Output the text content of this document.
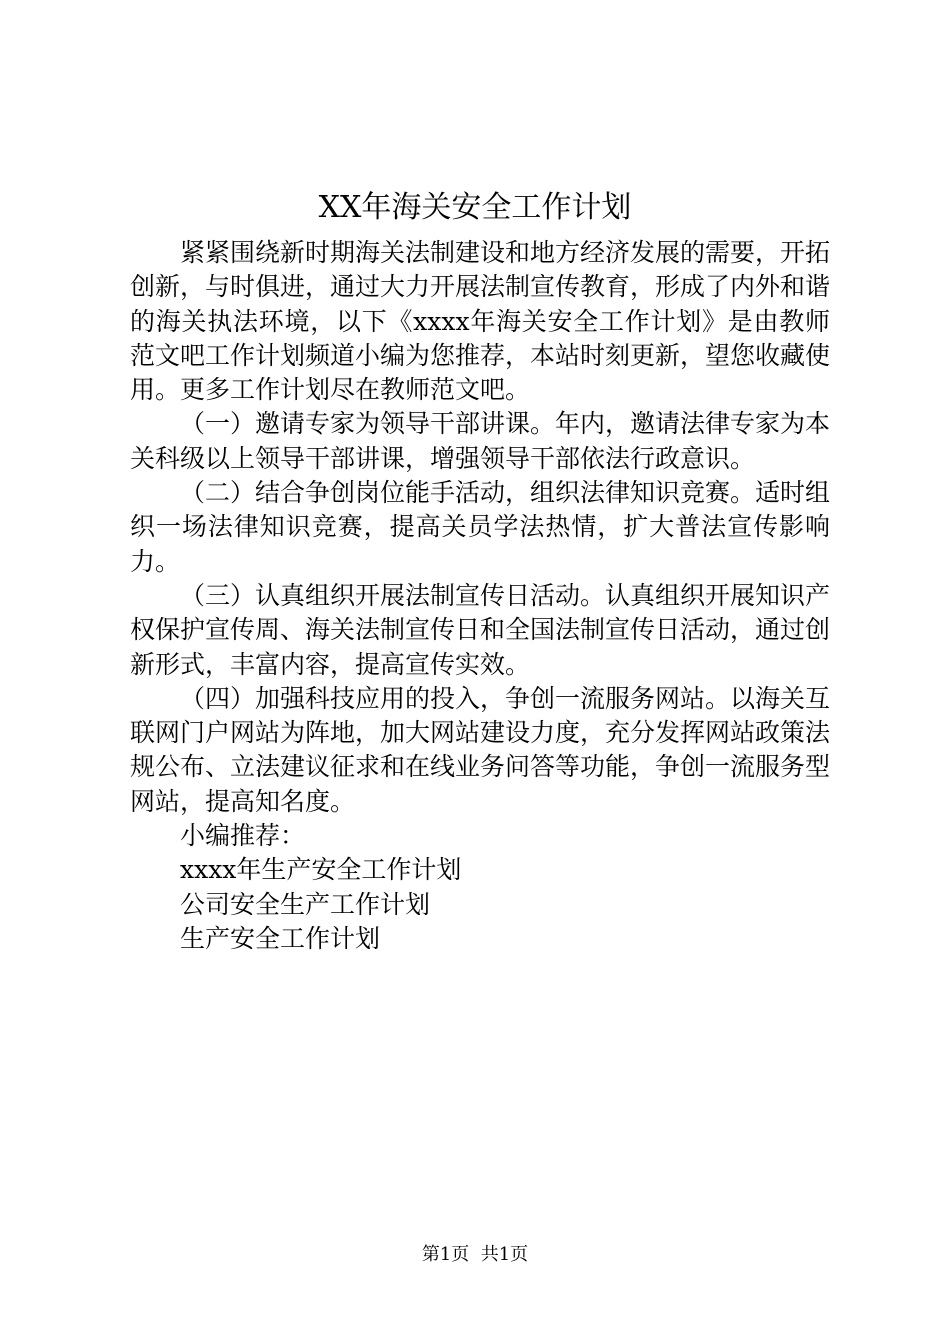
XX年海关安全工作计划

紧紧围绕新时期海关法制建设和地方经济发展的需要，开拓创新，与时俱进，通过大力开展法制宣传教育，形成了内外和谐的海关执法环境，以下《xxxx年海关安全工作计划》是由教师范文吧工作计划频道小编为您推荐，本站时刻更新，望您收藏使用。更多工作计划尽在教师范文吧。

（一）邀请专家为领导干部讲课。年内，邀请法律专家为本关科级以上领导干部讲课，增强领导干部依法行政意识。

（二）结合争创岗位能手活动，组织法律知识竞赛。适时组织一场法律知识竞赛，提高关员学法热情，扩大普法宣传影响力。

（三）认真组织开展法制宣传日活动。认真组织开展知识产权保护宣传周、海关法制宣传日和全国法制宣传日活动，通过创新形式，丰富内容，提高宣传实效。

（四）加强科技应用的投入，争创一流服务网站。以海关互联网门户网站为阵地，加大网站建设力度，充分发挥网站政策法规公布、立法建议征求和在线业务问答等功能，争创一流服务型网站，提高知名度。

小编推荐：

xxxx年生产安全工作计划
公司安全生产工作计划
生产安全工作计划
第1页 共1页
